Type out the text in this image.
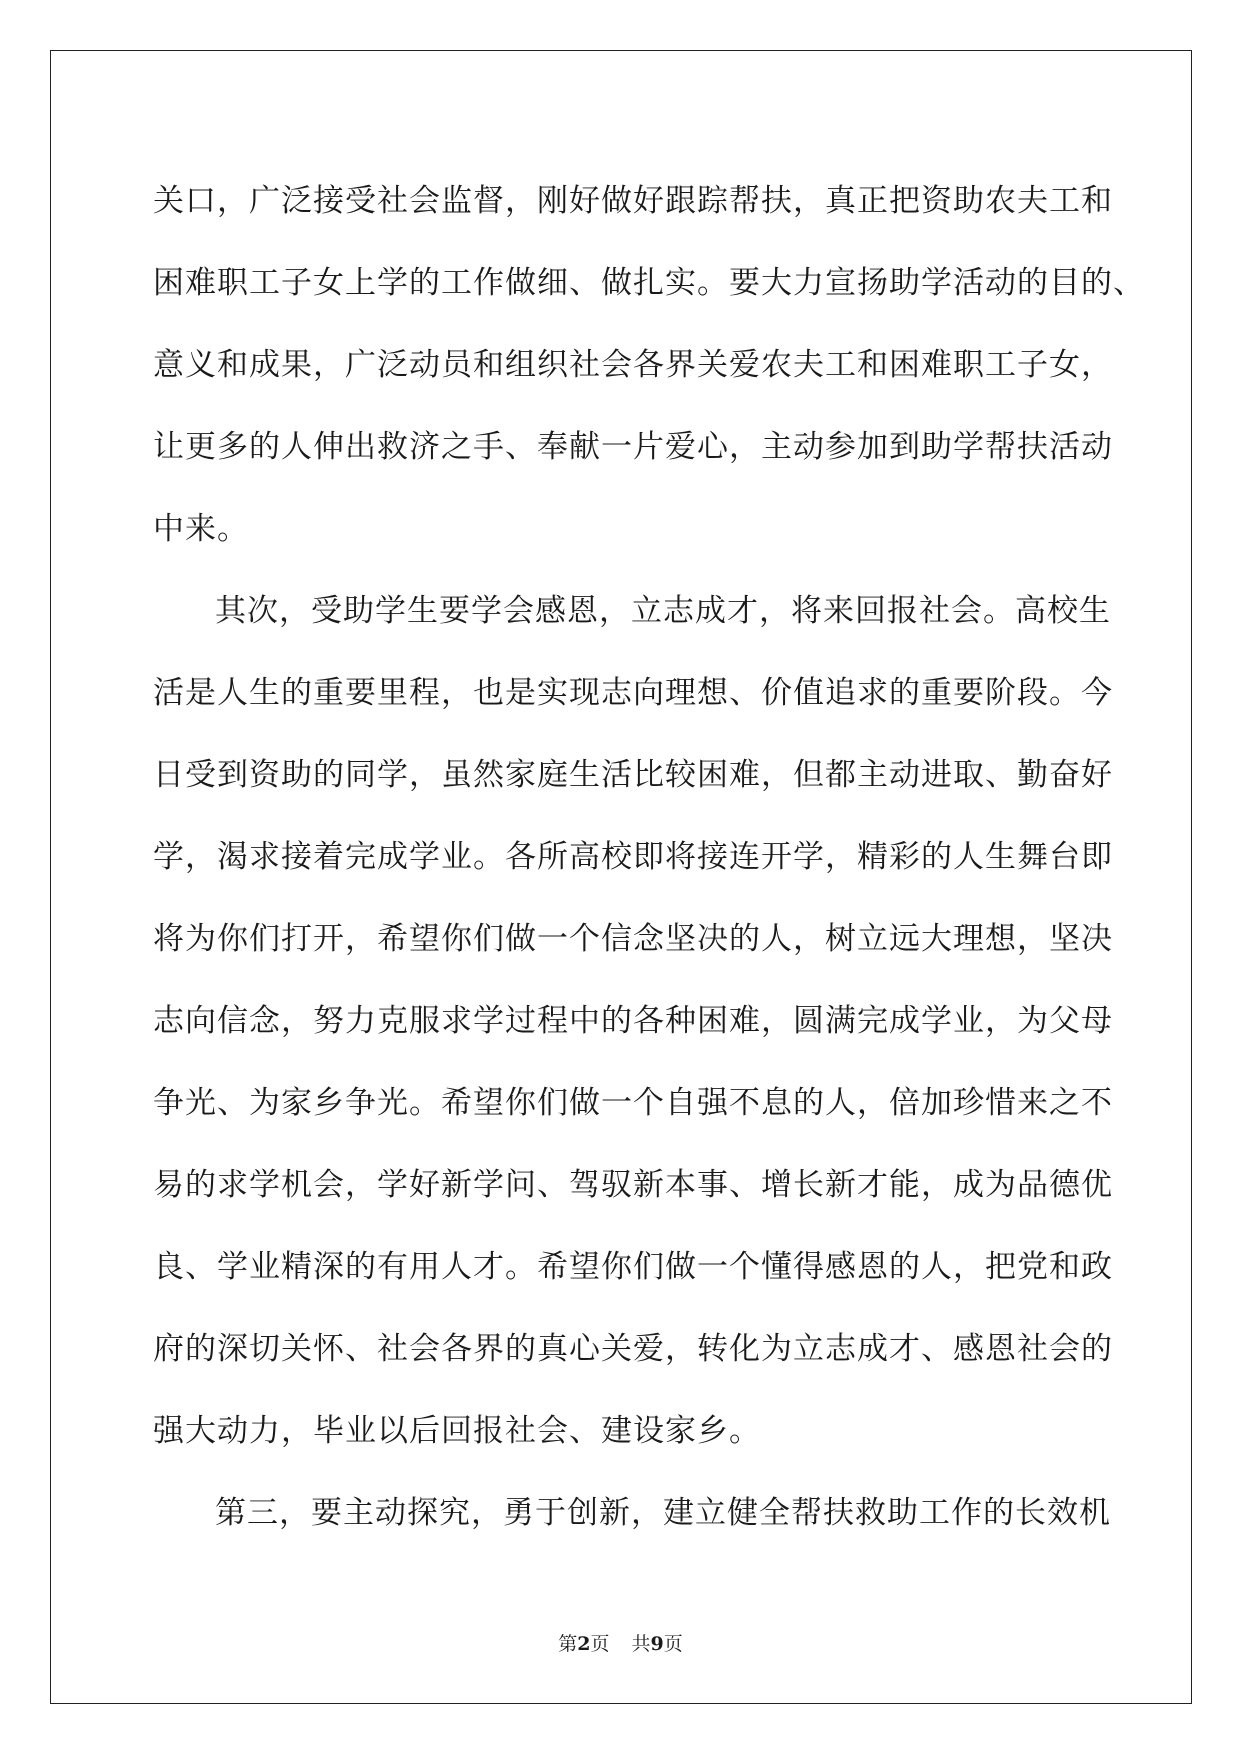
关口，广泛接受社会监督，刚好做好跟踪帮扶，真正把资助农夫工和
困难职工子女上学的工作做细、做扎实。要大力宣扬助学活动的目的、
意义和成果，广泛动员和组织社会各界关爱农夫工和困难职工子女，
让更多的人伸出救济之手、奉献一片爱心，主动参加到助学帮扶活动
中来。
其次，受助学生要学会感恩，立志成才，将来回报社会。高校生
活是人生的重要里程，也是实现志向理想、价值追求的重要阶段。今
日受到资助的同学，虽然家庭生活比较困难，但都主动进取、勤奋好
学，渴求接着完成学业。各所高校即将接连开学，精彩的人生舞台即
将为你们打开，希望你们做一个信念坚决的人，树立远大理想，坚决
志向信念，努力克服求学过程中的各种困难，圆满完成学业，为父母
争光、为家乡争光。希望你们做一个自强不息的人，倍加珍惜来之不
易的求学机会，学好新学问、驾驭新本事、增长新才能，成为品德优
良、学业精深的有用人才。希望你们做一个懂得感恩的人，把党和政
府的深切关怀、社会各界的真心关爱，转化为立志成才、感恩社会的
强大动力，毕业以后回报社会、建设家乡。
第三，要主动探究，勇于创新，建立健全帮扶救助工作的长效机
第2页 共9页
